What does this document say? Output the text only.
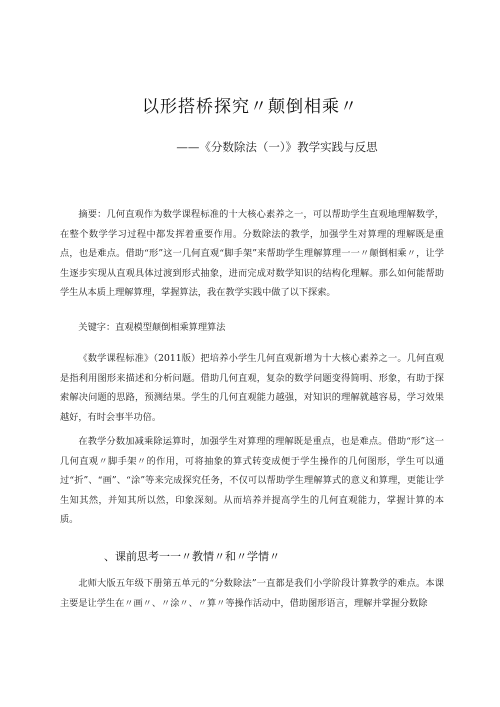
以形搭桥探究〃颠倒相乘〃
——《分数除法（一）》教学实践与反思

摘要：几何直观作为数学课程标准的十大核心素养之一，可以帮助学生直观地理解数学，在整个数学学习过程中都发挥着重要作用。分数除法的教学，加强学生对算理的理解既是重点，也是难点。借助“形”这一几何直观“脚手架”来帮助学生理解算理一一〃颠倒相乘〃，让学生逐步实现从直观具体过渡到形式抽象，进而完成对数学知识的结构化理解。那么如何能帮助学生从本质上理解算理，掌握算法，我在教学实践中做了以下探索。

关键字：直观模型颠倒相乘算理算法

《数学课程标准》（2011版）把培养小学生几何直观新增为十大核心素养之一。几何直观是指利用图形来描述和分析问题。借助几何直观，复杂的数学问题变得简明、形象，有助于探索解决问题的思路，预测结果。学生的几何直观能力越强，对知识的理解就越容易，学习效果越好，有时会事半功倍。

在教学分数加减乘除运算时，加强学生对算理的理解既是重点，也是难点。借助“形”这一几何直观〃脚手架〃的作用，可将抽象的算式转变成便于学生操作的几何图形，学生可以通过“折”、“画”、“涂”等来完成探究任务，不仅可以帮助学生理解算式的意义和算理，更能让学生知其然，并知其所以然，印象深刻。从而培养并提高学生的几何直观能力，掌握计算的本质。

、课前思考一一〃教情〃和〃学情〃

北师大版五年级下册第五单元的“分数除法”一直都是我们小学阶段计算教学的难点。本课主要是让学生在〃画〃、〃涂〃、〃算〃等操作活动中，借助图形语言，理解并掌握分数除
